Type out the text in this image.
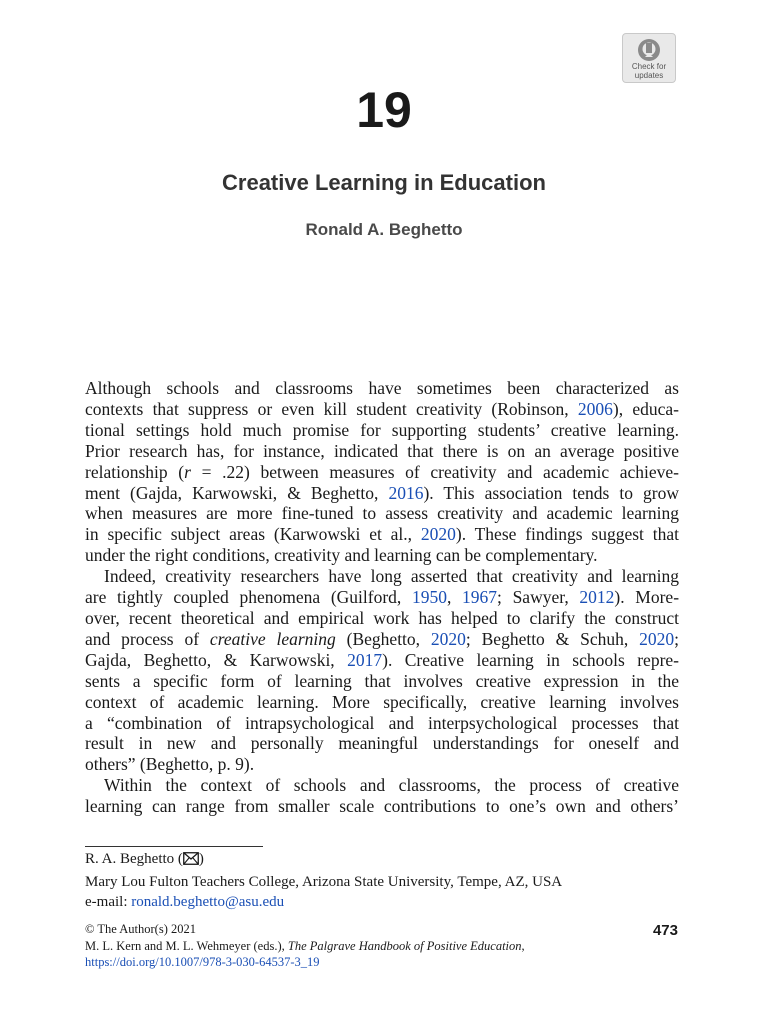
Check for
updates
19
Creative Learning in Education
Ronald A. Beghetto

Although schools and classrooms have sometimes been characterized as
contexts that suppress or even kill student creativity (Robinson, 2006), educa-
tional settings hold much promise for supporting students’ creative learning.
Prior research has, for instance, indicated that there is on an average positive
relationship (r = .22) between measures of creativity and academic achieve-
ment (Gajda, Karwowski, & Beghetto, 2016). This association tends to grow
when measures are more fine-tuned to assess creativity and academic learning
in specific subject areas (Karwowski et al., 2020). These findings suggest that
under the right conditions, creativity and learning can be complementary.

Indeed, creativity researchers have long asserted that creativity and learning
are tightly coupled phenomena (Guilford, 1950, 1967; Sawyer, 2012). More-
over, recent theoretical and empirical work has helped to clarify the construct
and process of creative learning (Beghetto, 2020; Beghetto & Schuh, 2020;
Gajda, Beghetto, & Karwowski, 2017). Creative learning in schools repre-
sents a specific form of learning that involves creative expression in the
context of academic learning. More specifically, creative learning involves
a “combination of intrapsychological and interpsychological processes that
result in new and personally meaningful understandings for oneself and
others” (Beghetto, p. 9).

Within the context of schools and classrooms, the process of creative
learning can range from smaller scale contributions to one’s own and others’

R. A. Beghetto ( )
Mary Lou Fulton Teachers College, Arizona State University, Tempe, AZ, USA
e-mail: ronald.beghetto@asu.edu
© The Author(s) 2021
M. L. Kern and M. L. Wehmeyer (eds.), The Palgrave Handbook of Positive Education,
https://doi.org/10.1007/978-3-030-64537-3_19
473
